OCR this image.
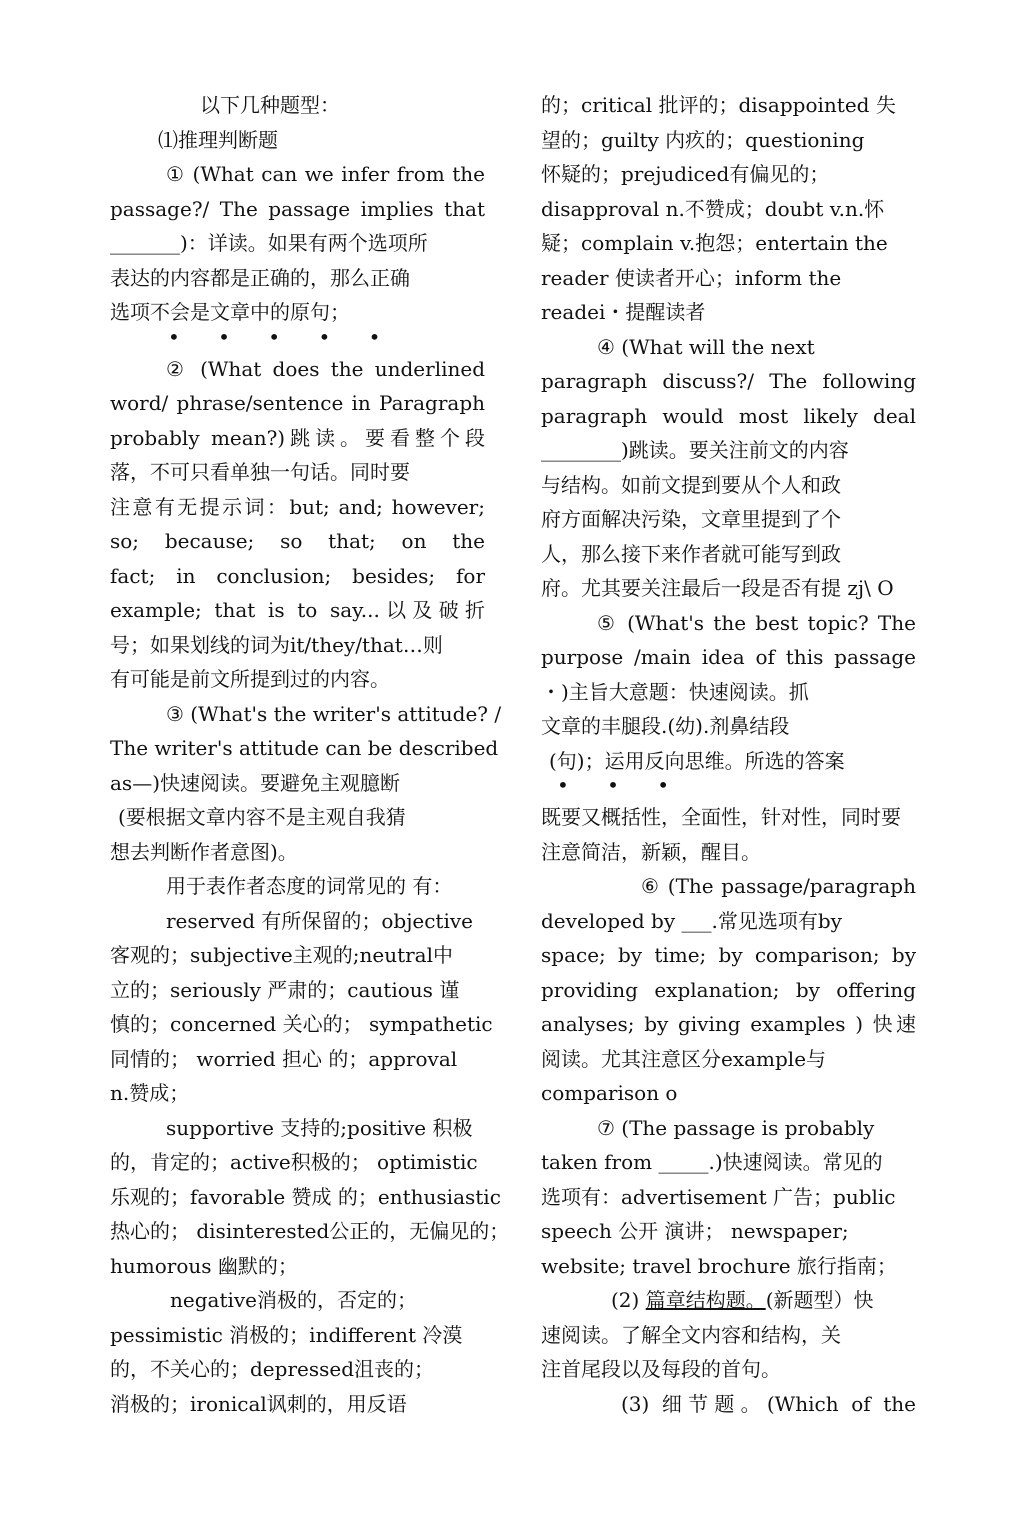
以下几种题型：
⑴推理判断题
① (What can we infer from the
passage?/ The passage implies that
_______)：详读。如果有两个选项所
表达的内容都是正确的，那么正确
选项不会是文章中的原句；
• • • • •
② (What does the underlined
word/ phrase/sentence in Paragraph
probably mean?)跳读。要看整个段
落，不可只看单独一句话。同时要
注意有无提示词：but; and; however;
so; because; so that; on the
fact; in conclusion; besides; for
example; that is to say...以及破折
号；如果划线的词为it/they/that…则
有可能是前文所提到过的内容。
③ (What's the writer's attitude? /
The writer's attitude can be described
as—)快速阅读。要避免主观臆断
(要根据文章内容不是主观自我猜
想去判断作者意图)。
用于表作者态度的词常见的 有：
reserved 有所保留的；objective
客观的；subjective主观的;neutral中
立的；seriously 严肃的；cautious 谨
慎的；concerned 关心的； sympathetic
同情的； worried 担心 的；approval
n.赞成；
supportive 支持的;positive 积极
的，肯定的；active积极的； optimistic
乐观的；favorable 赞成 的；enthusiastic
热心的； disinterested公正的，无偏见的；
humorous 幽默的；
negative消极的，否定的；
pessimistic 消极的；indifferent 冷漠
的，不关心的；depressed沮丧的；
消极的；ironical讽刺的，用反语
的；critical 批评的；disappointed 失
望的；guilty 内疚的；questioning
怀疑的；prejudiced有偏见的；
disapproval n.不赞成；doubt v.n.怀
疑；complain v.抱怨；entertain the
reader 使读者开心；inform the
readei・提醒读者
④ (What will the next
paragraph discuss?/ The following
paragraph would most likely deal
________)跳读。要关注前文的内容
与结构。如前文提到要从个人和政
府方面解决污染，文章里提到了个
人，那么接下来作者就可能写到政
府。尤其要关注最后一段是否有提 zj\ O
⑤ (What's the best topic? The
purpose /main idea of this passage
・)主旨大意题：快速阅读。抓
文章的丰腿段.(幼).剂鼻结段
(句)；运用反向思维。所选的答案
• • •
既要又概括性，全面性，针对性，同时要
注意简洁，新颖，醒目。
⑥ (The passage/paragraph
developed by ___.常见选项有by
space; by time; by comparison; by
providing explanation; by offering
analyses; by giving examples ) 快速
阅读。尤其注意区分example与
comparison o
⑦ (The passage is probably
taken from _____.)快速阅读。常见的
选项有：advertisement 广告；public
speech 公开 演讲； newspaper;
website; travel brochure 旅行指南；
(2) 篇章结构题。(新题型）快
速阅读。了解全文内容和结构，关
注首尾段以及每段的首句。
(3) 细节题。(Which of the
